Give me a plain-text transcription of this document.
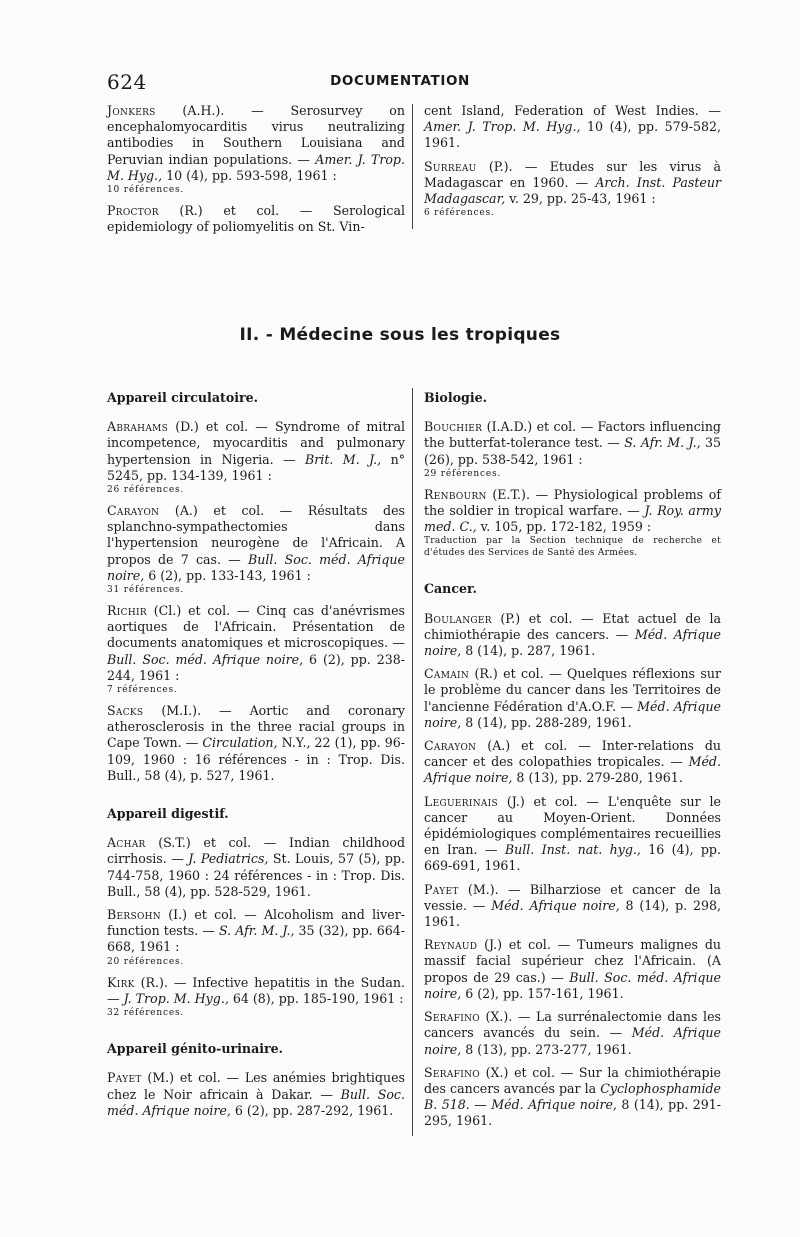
624	DOCUMENTATION

Jonkers (A.H.). — Serosurvey on encephalomyocarditis virus neutralizing antibodies in Southern Louisiana and Peruvian indian populations. — Amer. J. Trop. M. Hyg., 10 (4), pp. 593-598, 1961 :
10 références.

Proctor (R.) et col. — Serological epidemiology of poliomyelitis on St. Vin-

cent Island, Federation of West Indies. — Amer. J. Trop. M. Hyg., 10 (4), pp. 579-582, 1961.

Surreau (P.). — Etudes sur les virus à Madagascar en 1960. — Arch. Inst. Pasteur Madagascar, v. 29, pp. 25-43, 1961 :
6 références.

II. - Médecine sous les tropiques
Appareil circulatoire.

Abrahams (D.) et col. — Syndrome of mitral incompetence, myocarditis and pulmonary hypertension in Nigeria. — Brit. M. J., n° 5245, pp. 134-139, 1961 :
26 références.

Carayon (A.) et col. — Résultats des splanchno-sympathectomies dans l'hypertension neurogène de l'Africain. A propos de 7 cas. — Bull. Soc. méd. Afrique noire, 6 (2), pp. 133-143, 1961 :
31 références.

Richir (Cl.) et col. — Cinq cas d'anévrismes aortiques de l'Africain. Présentation de documents anatomiques et microscopiques. — Bull. Soc. méd. Afrique noire, 6 (2), pp. 238-244, 1961 :
7 références.

Sacks (M.I.). — Aortic and coronary atherosclerosis in the three racial groups in Cape Town. — Circulation, N.Y., 22 (1), pp. 96-109, 1960 : 16 références - in : Trop. Dis. Bull., 58 (4), p. 527, 1961.

Appareil digestif.

Achar (S.T.) et col. — Indian childhood cirrhosis. — J. Pediatrics, St. Louis, 57 (5), pp. 744-758, 1960 : 24 références - in : Trop. Dis. Bull., 58 (4), pp. 528-529, 1961.

Bersohn (I.) et col. — Alcoholism and liver-function tests. — S. Afr. M. J., 35 (32), pp. 664-668, 1961 :
20 références.

Kirk (R.). — Infective hepatitis in the Sudan. — J. Trop. M. Hyg., 64 (8), pp. 185-190, 1961 :
32 références.

Appareil génito-urinaire.

Payet (M.) et col. — Les anémies brightiques chez le Noir africain à Dakar. — Bull. Soc. méd. Afrique noire, 6 (2), pp. 287-292, 1961.

Biologie.

Bouchier (I.A.D.) et col. — Factors influencing the butterfat-tolerance test. — S. Afr. M. J., 35 (26), pp. 538-542, 1961 :
29 références.

Renbourn (E.T.). — Physiological problems of the soldier in tropical warfare. — J. Roy. army med. C., v. 105, pp. 172-182, 1959 :
Traduction par la Section technique de recherche et d'études des Services de Santé des Armées.

Cancer.

Boulanger (P.) et col. — Etat actuel de la chimiothérapie des cancers. — Méd. Afrique noire, 8 (14), p. 287, 1961.

Camain (R.) et col. — Quelques réflexions sur le problème du cancer dans les Territoires de l'ancienne Fédération d'A.O.F. — Méd. Afrique noire, 8 (14), pp. 288-289, 1961.

Carayon (A.) et col. — Inter-relations du cancer et des colopathies tropicales. — Méd. Afrique noire, 8 (13), pp. 279-280, 1961.

Leguerinais (J.) et col. — L'enquête sur le cancer au Moyen-Orient. Données épidémiologiques complémentaires recueillies en Iran. — Bull. Inst. nat. hyg., 16 (4), pp. 669-691, 1961.

Payet (M.). — Bilharziose et cancer de la vessie. — Méd. Afrique noire, 8 (14), p. 298, 1961.

Reynaud (J.) et col. — Tumeurs malignes du massif facial supérieur chez l'Africain. (A propos de 29 cas.) — Bull. Soc. méd. Afrique noire, 6 (2), pp. 157-161, 1961.

Serafino (X.). — La surrénalectomie dans les cancers avancés du sein. — Méd. Afrique noire, 8 (13), pp. 273-277, 1961.

Serafino (X.) et col. — Sur la chimiothérapie des cancers avancés par la Cyclophosphamide B. 518. — Méd. Afrique noire, 8 (14), pp. 291-295, 1961.
